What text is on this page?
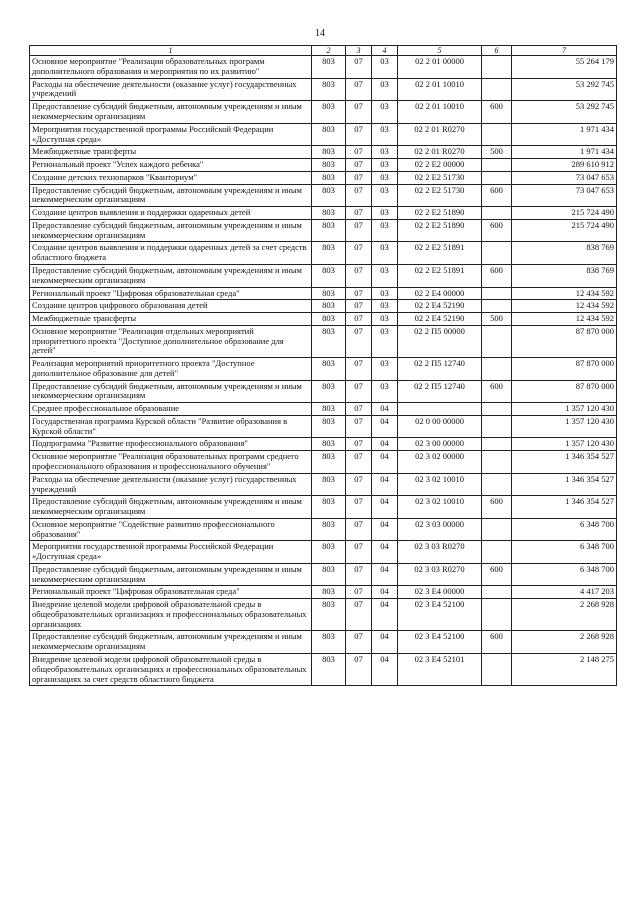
14
1	2	3	4	5	6	7
Основное мероприятие "Реализация образовательных программ дополнительного образования и мероприятия по их развитию"	803	07	03	02 2 01 00000		55 264 179
Расходы на обеспечение деятельности (оказание услуг) государственных учреждений	803	07	03	02 2 01 10010		53 292 745
Предоставление субсидий бюджетным, автономным учреждениям и иным некоммерческим организациям	803	07	03	02 2 01 10010	600	53 292 745
Мероприятия государственной программы Российской Федерации «Доступная среда»	803	07	03	02 2 01 R0270		1 971 434
Межбюджетные трансферты	803	07	03	02 2 01 R0270	500	1 971 434
Региональный проект "Успех каждого ребенка"	803	07	03	02 2 E2 00000		289 610 912
Создание детских технопарков "Кванториум"	803	07	03	02 2 E2 51730		73 047 653
Предоставление субсидий бюджетным, автономным учреждениям и иным некоммерческим организациям	803	07	03	02 2 E2 51730	600	73 047 653
Создание центров выявления и поддержки одаренных детей	803	07	03	02 2 E2 51890		215 724 490
Предоставление субсидий бюджетным, автономным учреждениям и иным некоммерческим организациям	803	07	03	02 2 E2 51890	600	215 724 490
Создание центров выявления и поддержки одаренных детей за счет средств областного бюджета	803	07	03	02 2 E2 51891		838 769
Предоставление субсидий бюджетным, автономным учреждениям и иным некоммерческим организациям	803	07	03	02 2 E2 51891	600	838 769
Региональный проект "Цифровая образовательная среда"	803	07	03	02 2 E4 00000		12 434 592
Создание центров цифрового образования детей	803	07	03	02 2 E4 52190		12 434 592
Межбюджетные трансферты	803	07	03	02 2 E4 52190	500	12 434 592
Основное мероприятие "Реализация отдельных мероприятий приоритетного проекта "Доступное дополнительное образование для детей"	803	07	03	02 2 П5 00000		87 870 000
Реализация мероприятий приоритетного проекта "Доступное дополнительное образование для детей"	803	07	03	02 2 П5 12740		87 870 000
Предоставление субсидий бюджетным, автономным учреждениям и иным некоммерческим организациям	803	07	03	02 2 П5 12740	600	87 870 000
Среднее профессиональное образование	803	07	04			1 357 120 430
Государственная программа Курской области "Развитие образования в Курской области"	803	07	04	02 0 00 00000		1 357 120 430
Подпрограмма "Развитие профессионального образования"	803	07	04	02 3 00 00000		1 357 120 430
Основное мероприятие "Реализация образовательных программ среднего профессионального образования и профессионального обучения"	803	07	04	02 3 02 00000		1 346 354 527
Расходы на обеспечение деятельности (оказание услуг) государственных учреждений	803	07	04	02 3 02 10010		1 346 354 527
Предоставление субсидий бюджетным, автономным учреждениям и иным некоммерческим организациям	803	07	04	02 3 02 10010	600	1 346 354 527
Основное мероприятие "Содействие развитию профессионального образования"	803	07	04	02 3 03 00000		6 348 700
Мероприятия государственной программы Российской Федерации «Доступная среда»	803	07	04	02 3 03 R0270		6 348 700
Предоставление субсидий бюджетным, автономным учреждениям и иным некоммерческим организациям	803	07	04	02 3 03 R0270	600	6 348 700
Региональный проект "Цифровая образовательная среда"	803	07	04	02 3 E4 00000		4 417 203
Внедрение целевой модели цифровой образовательной среды в общеобразовательных организациях и профессиональных образовательных организациях	803	07	04	02 3 E4 52100		2 268 928
Предоставление субсидий бюджетным, автономным учреждениям и иным некоммерческим организациям	803	07	04	02 3 E4 52100	600	2 268 928
Внедрение целевой модели цифровой образовательной среды в общеобразовательных организациях и профессиональных образовательных организациях за счет средств областного бюджета	803	07	04	02 3 E4 52101		2 148 275
